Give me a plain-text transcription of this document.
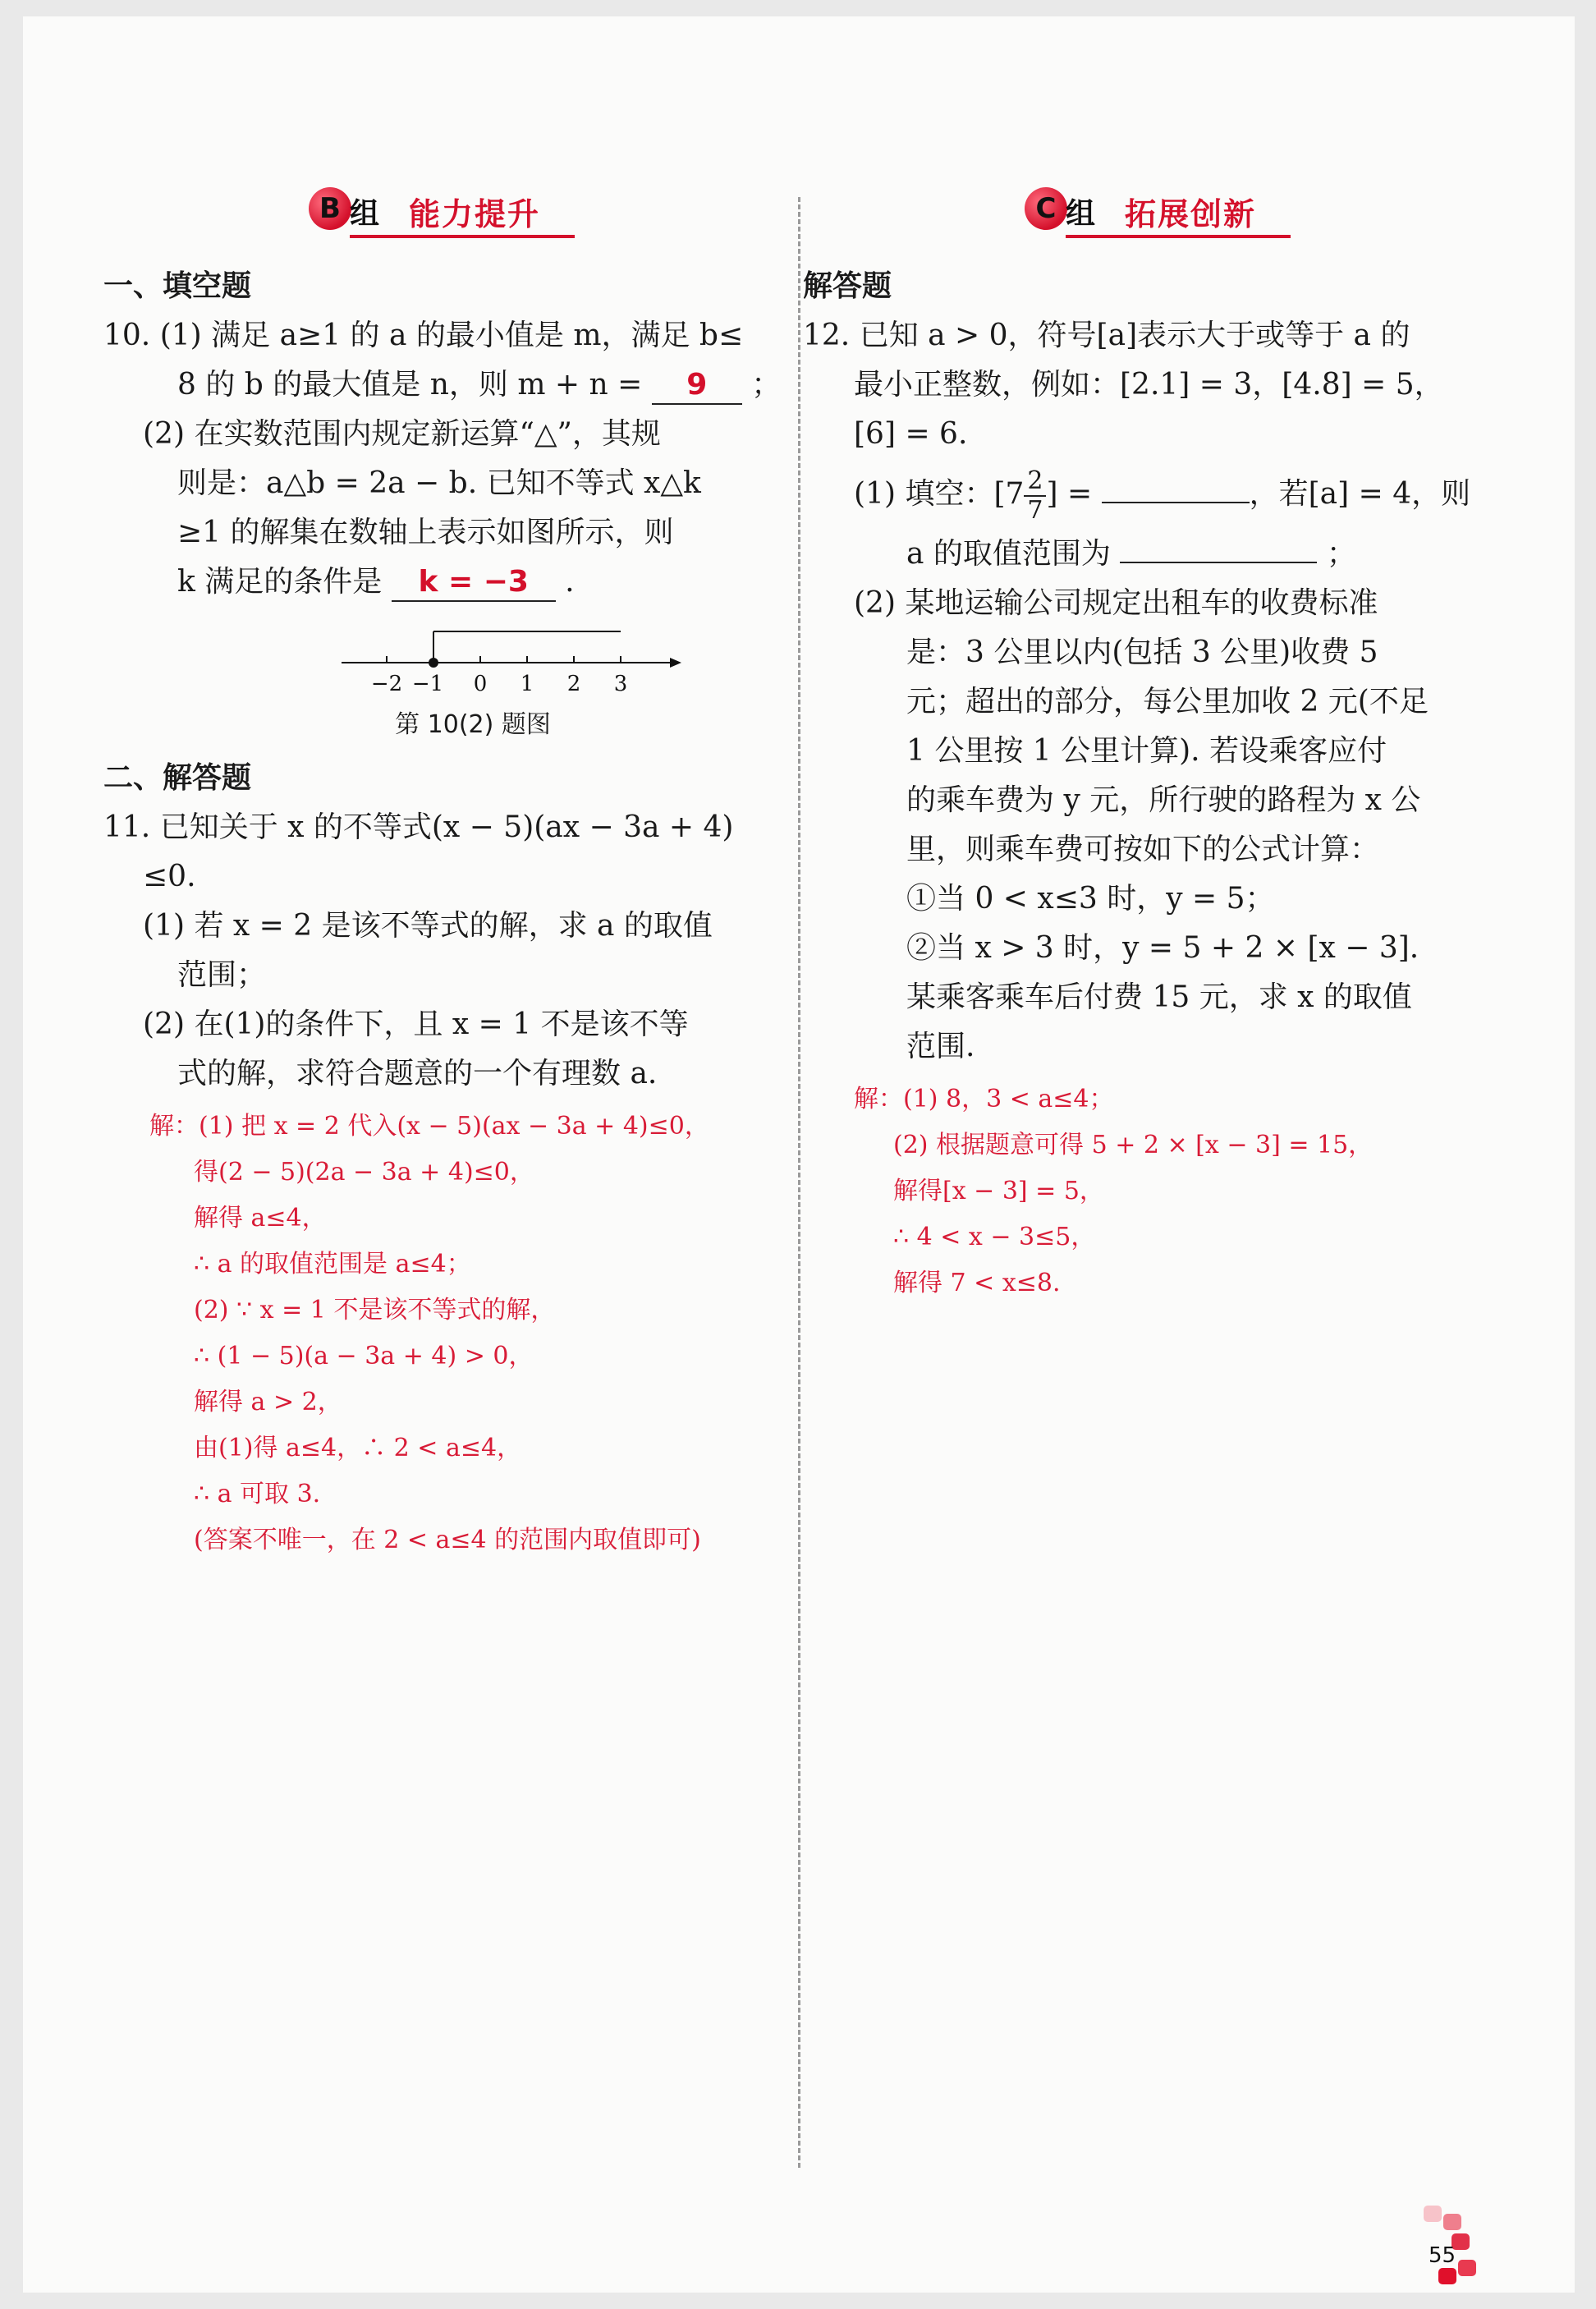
B 组 能力提升
一、填空题
10. (1) 满足 a≥1 的 a 的最小值是 m，满足 b≤
8 的 b 的最大值是 n，则 m + n = 9 ；
(2) 在实数范围内规定新运算“△”，其规
则是：a△b = 2a − b. 已知不等式 x△k
≥1 的解集在数轴上表示如图所示，则
k 满足的条件是 k = −3 .
−2 −1 0 1 2 3
第 10(2) 题图
二、解答题
11. 已知关于 x 的不等式(x − 5)(ax − 3a + 4)
≤0.
(1) 若 x = 2 是该不等式的解，求 a 的取值
范围；
(2) 在(1)的条件下，且 x = 1 不是该不等
式的解，求符合题意的一个有理数 a.
解：(1) 把 x = 2 代入(x − 5)(ax − 3a + 4)≤0，
得(2 − 5)(2a − 3a + 4)≤0，
解得 a≤4，
∴ a 的取值范围是 a≤4；
(2) ∵ x = 1 不是该不等式的解，
∴ (1 − 5)(a − 3a + 4) > 0，
解得 a > 2，
由(1)得 a≤4，∴ 2 < a≤4，
∴ a 可取 3.
(答案不唯一，在 2 < a≤4 的范围内取值即可)
C 组 拓展创新
解答题
12. 已知 a > 0，符号[a]表示大于或等于 a 的
最小正整数，例如：[2.1] = 3，[4.8] = 5，
[6] = 6.
(1) 填空：[$7 \frac{2}{7}$ ] =	，若[a] = 4，则
a 的取值范围为	；
(2) 某地运输公司规定出租车的收费标准
是：3 公里以内(包括 3 公里)收费 5
元；超出的部分，每公里加收 2 元(不足
1 公里按 1 公里计算). 若设乘客应付
的乘车费为 y 元，所行驶的路程为 x 公
里，则乘车费可按如下的公式计算：
①当 0 < x≤3 时，y = 5；
②当 x > 3 时，y = 5 + 2 × [x − 3].
某乘客乘车后付费 15 元，求 x 的取值
范围.
解：(1) 8，3 < a≤4；
(2) 根据题意可得 5 + 2 × [x − 3] = 15，
解得[x − 3] = 5，
∴ 4 < x − 3≤5，
解得 7 < x≤8.
55
